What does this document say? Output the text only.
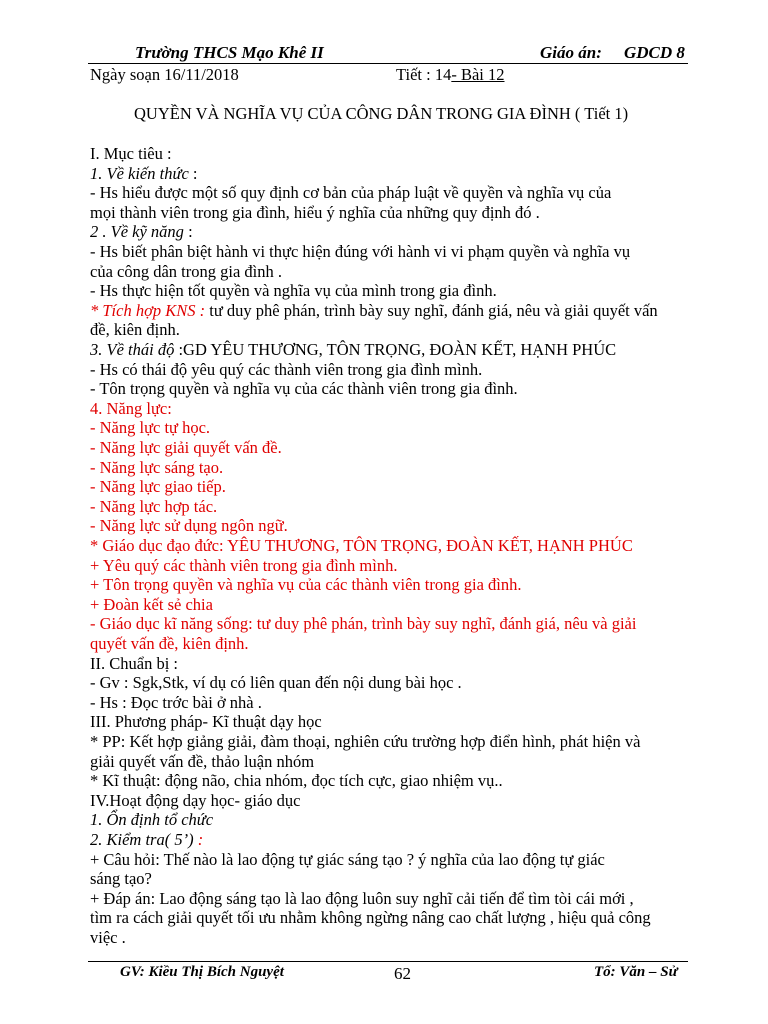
Trường THCS Mạo Khê II	Giáo án: GDCD 8
Ngày soạn 16/11/2018	Tiết : 14- Bài 12
QUYỀN VÀ NGHĨA VỤ CỦA CÔNG DÂN TRONG GIA ĐÌNH ( Tiết 1)
I. Mục tiêu :
1. Về kiến thức :
- Hs hiểu được một số quy định cơ bản của pháp luật về quyền và nghĩa vụ của
mọi thành viên trong gia đình, hiểu ý nghĩa của những quy định đó .
2 . Về kỹ năng :
- Hs biết phân biệt hành vi thực hiện đúng với hành vi vi phạm quyền và nghĩa vụ
của công dân trong gia đình .
- Hs thực hiện tốt quyền và nghĩa vụ của mình trong gia đình.
* Tích hợp KNS : tư duy phê phán, trình bày suy nghĩ, đánh giá, nêu và giải quyết vấn
đề, kiên định.
3. Về thái độ :GD YÊU THƯƠNG, TÔN TRỌNG, ĐOÀN KẾT, HẠNH PHÚC
- Hs có thái độ yêu quý các thành viên trong gia đình mình.
- Tôn trọng quyền và nghĩa vụ của các thành viên trong gia đình.
4. Năng lực:
- Năng lực tự học.
- Năng lực giải quyết vấn đề.
- Năng lực sáng tạo.
- Năng lực giao tiếp.
- Năng lực hợp tác.
- Năng lực sử dụng ngôn ngữ.
* Giáo dục đạo đức: YÊU THƯƠNG, TÔN TRỌNG, ĐOÀN KẾT, HẠNH PHÚC
+ Yêu quý các thành viên trong gia đình mình.
+ Tôn trọng quyền và nghĩa vụ của các thành viên trong gia đình.
+ Đoàn kết sẻ chia
- Giáo dục kĩ năng sống: tư duy phê phán, trình bày suy nghĩ, đánh giá, nêu và giải
quyết vấn đề, kiên định.
II. Chuẩn bị :
- Gv : Sgk,Stk, ví dụ có liên quan đến nội dung bài học .
- Hs : Đọc trớc bài ở nhà .
III. Phương pháp- Kĩ thuật dạy học
* PP: Kết hợp giảng giải, đàm thoại, nghiên cứu trường hợp điển hình, phát hiện và
giải quyết vấn đề, thảo luận nhóm
* Kĩ thuật: động não, chia nhóm, đọc tích cực, giao nhiệm vụ..
IV.Hoạt động dạy học- giáo dục
1. Ổn định tổ chức
2. Kiểm tra( 5’) :
+ Câu hỏi: Thế nào là lao động tự giác sáng tạo ? ý nghĩa của lao động tự giác
sáng tạo?
+ Đáp án: Lao động sáng tạo là lao động luôn suy nghĩ cải tiến để tìm tòi cái mới ,
tìm ra cách giải quyết tối ưu nhằm không ngừng nâng cao chất lượng , hiệu quả công
việc .
GV: Kiều Thị Bích Nguyệt	62	Tổ: Văn – Sử
